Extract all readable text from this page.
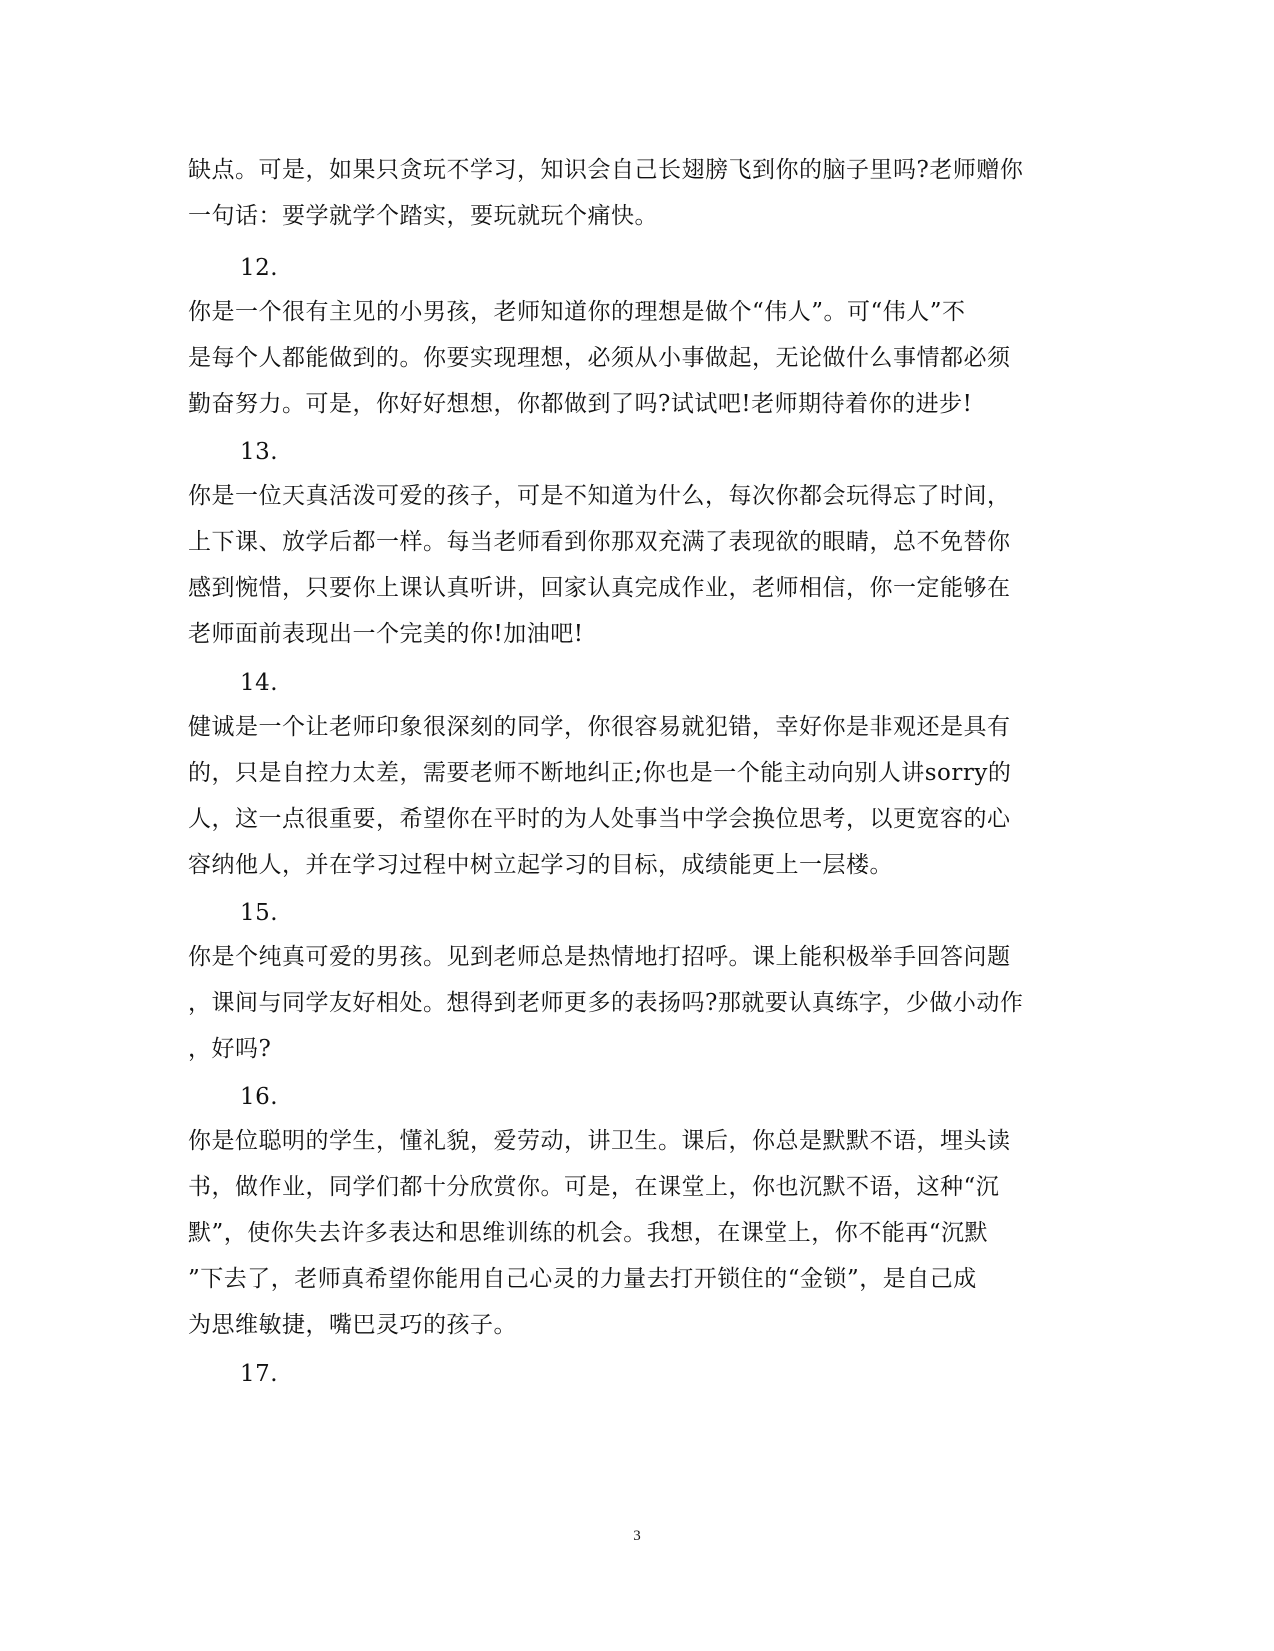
缺点。可是，如果只贪玩不学习，知识会自己长翅膀飞到你的脑子里吗?老师赠你
一句话：要学就学个踏实，要玩就玩个痛快。
12.
你是一个很有主见的小男孩，老师知道你的理想是做个“伟人”。可“伟人”不
是每个人都能做到的。你要实现理想，必须从小事做起，无论做什么事情都必须
勤奋努力。可是，你好好想想，你都做到了吗?试试吧!老师期待着你的进步!
13.
你是一位天真活泼可爱的孩子，可是不知道为什么，每次你都会玩得忘了时间，
上下课、放学后都一样。每当老师看到你那双充满了表现欲的眼睛，总不免替你
感到惋惜，只要你上课认真听讲，回家认真完成作业，老师相信，你一定能够在
老师面前表现出一个完美的你!加油吧!
14.
健诚是一个让老师印象很深刻的同学，你很容易就犯错，幸好你是非观还是具有
的，只是自控力太差，需要老师不断地纠正;你也是一个能主动向别人讲sorry的
人，这一点很重要，希望你在平时的为人处事当中学会换位思考，以更宽容的心
容纳他人，并在学习过程中树立起学习的目标，成绩能更上一层楼。
15.
你是个纯真可爱的男孩。见到老师总是热情地打招呼。课上能积极举手回答问题
，课间与同学友好相处。想得到老师更多的表扬吗?那就要认真练字，少做小动作
，好吗?
16.
你是位聪明的学生，懂礼貌，爱劳动，讲卫生。课后，你总是默默不语，埋头读
书，做作业，同学们都十分欣赏你。可是，在课堂上，你也沉默不语，这种“沉
默”，使你失去许多表达和思维训练的机会。我想，在课堂上，你不能再“沉默
”下去了，老师真希望你能用自己心灵的力量去打开锁住的“金锁”，是自己成
为思维敏捷，嘴巴灵巧的孩子。
17.
3
